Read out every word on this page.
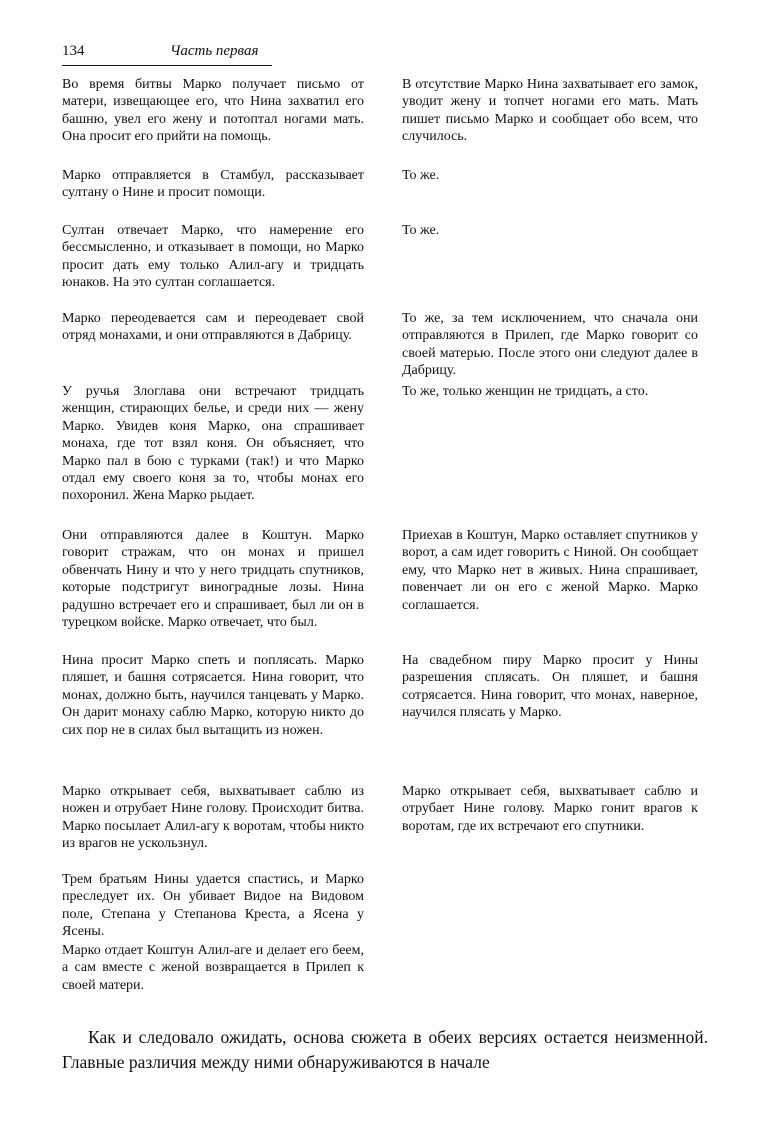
134	Часть первая

Во время битвы Марко получает письмо от матери, извещающее его, что Нина захватил его башню, увел его жену и потоптал ногами мать. Она просит его прийти на помощь.

Марко отправляется в Стамбул, рассказывает султану о Нине и просит помощи.

Султан отвечает Марко, что намерение его бессмысленно, и отказывает в помощи, но Марко просит дать ему только Алил-агу и тридцать юнаков. На это султан соглашается.

Марко переодевается сам и переодевает свой отряд монахами, и они отправляются в Дабрицу.

У ручья Злоглава они встречают тридцать женщин, стирающих белье, и среди них — жену Марко. Увидев коня Марко, она спрашивает монаха, где тот взял коня. Он объясняет, что Марко пал в бою с турками (так!) и что Марко отдал ему своего коня за то, чтобы монах его похоронил. Жена Марко рыдает.

Они отправляются далее в Коштун. Марко говорит стражам, что он монах и пришел обвенчать Нину и что у него тридцать спутников, которые подстригут виноградные лозы. Нина радушно встречает его и спрашивает, был ли он в турецком войске. Марко отвечает, что был.

Нина просит Марко спеть и поплясать. Марко пляшет, и башня сотрясается. Нина говорит, что монах, должно быть, научился танцевать у Марко. Он дарит монаху саблю Марко, которую никто до сих пор не в силах был вытащить из ножен.

Марко открывает себя, выхватывает саблю из ножен и отрубает Нине голову. Происходит битва. Марко посылает Алил-агу к воротам, чтобы никто из врагов не ускользнул.

Трем братьям Нины удается спастись, и Марко преследует их. Он убивает Видое на Видовом поле, Степана у Степанова Креста, а Ясена у Ясены.

Марко отдает Коштун Алил-аге и делает его беем, а сам вместе с женой возвращается в Прилеп к своей матери.

В отсутствие Марко Нина захватывает его замок, уводит жену и топчет ногами его мать. Мать пишет письмо Марко и сообщает обо всем, что случилось.

То же.

То же.

То же, за тем исключением, что сначала они отправляются в Прилеп, где Марко говорит со своей матерью. После этого они следуют далее в Дабрицу.

То же, только женщин не тридцать, а сто.

Приехав в Коштун, Марко оставляет спутников у ворот, а сам идет говорить с Ниной. Он сообщает ему, что Марко нет в живых. Нина спрашивает, повенчает ли он его с женой Марко. Марко соглашается.

На свадебном пиру Марко просит у Нины разрешения сплясать. Он пляшет, и башня сотрясается. Нина говорит, что монах, наверное, научился плясать у Марко.

Марко открывает себя, выхватывает саблю и отрубает Нине голову. Марко гонит врагов к воротам, где их встречают его спутники.

Как и следовало ожидать, основа сюжета в обеих версиях остается неизменной. Главные различия между ними обнаруживаются в начале
